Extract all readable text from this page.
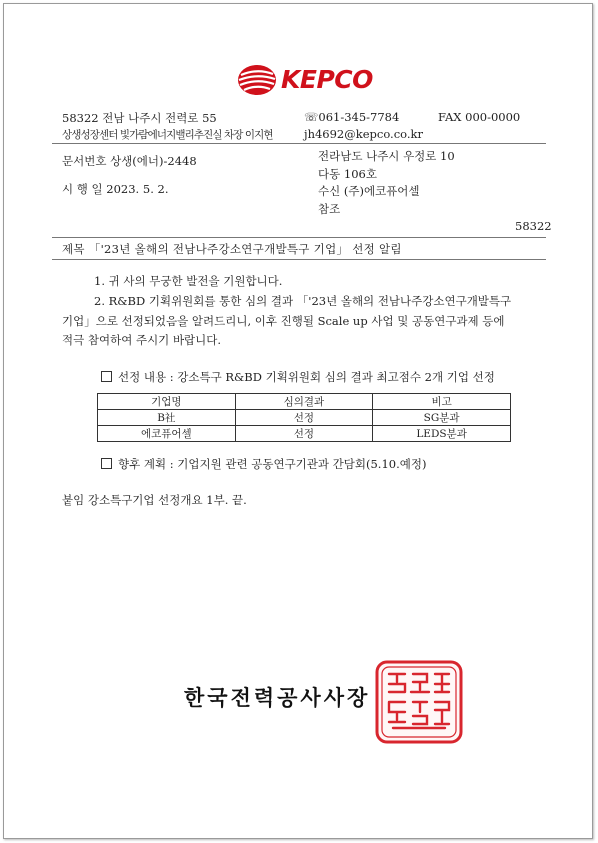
KEPCO
58322 전남 나주시 전력로 55
상생성장센터 빛가람에너지밸리추진실 차장 이지현
☏061-345-7784	FAX 000-0000
jh4692@kepco.co.kr
문서번호 상생(에너)-2448
시 행 일 2023. 5. 2.
전라남도 나주시 우정로 10
다동 106호
수신 (주)에코퓨어셀
참조
58322
제목 「'23년 올해의 전남나주강소연구개발특구 기업」 선정 알림
1. 귀 사의 무궁한 발전을 기원합니다.
2. R&BD 기획위원회를 통한 심의 결과 「'23년 올해의 전남나주강소연구개발특구
기업」으로 선정되었음을 알려드리니, 이후 진행될 Scale up 사업 및 공동연구과제 등에
적극 참여하여 주시기 바랍니다.
선정 내용 : 강소특구 R&BD 기획위원회 심의 결과 최고점수 2개 기업 선정
기업명	심의결과	비고
B社	선정	SG분과
에코퓨어셀	선정	LEDS분과
향후 계획 : 기업지원 관련 공동연구기관과 간담회(5.10.예정)
붙임 강소특구기업 선정개요 1부. 끝.
한국전력공사사장
